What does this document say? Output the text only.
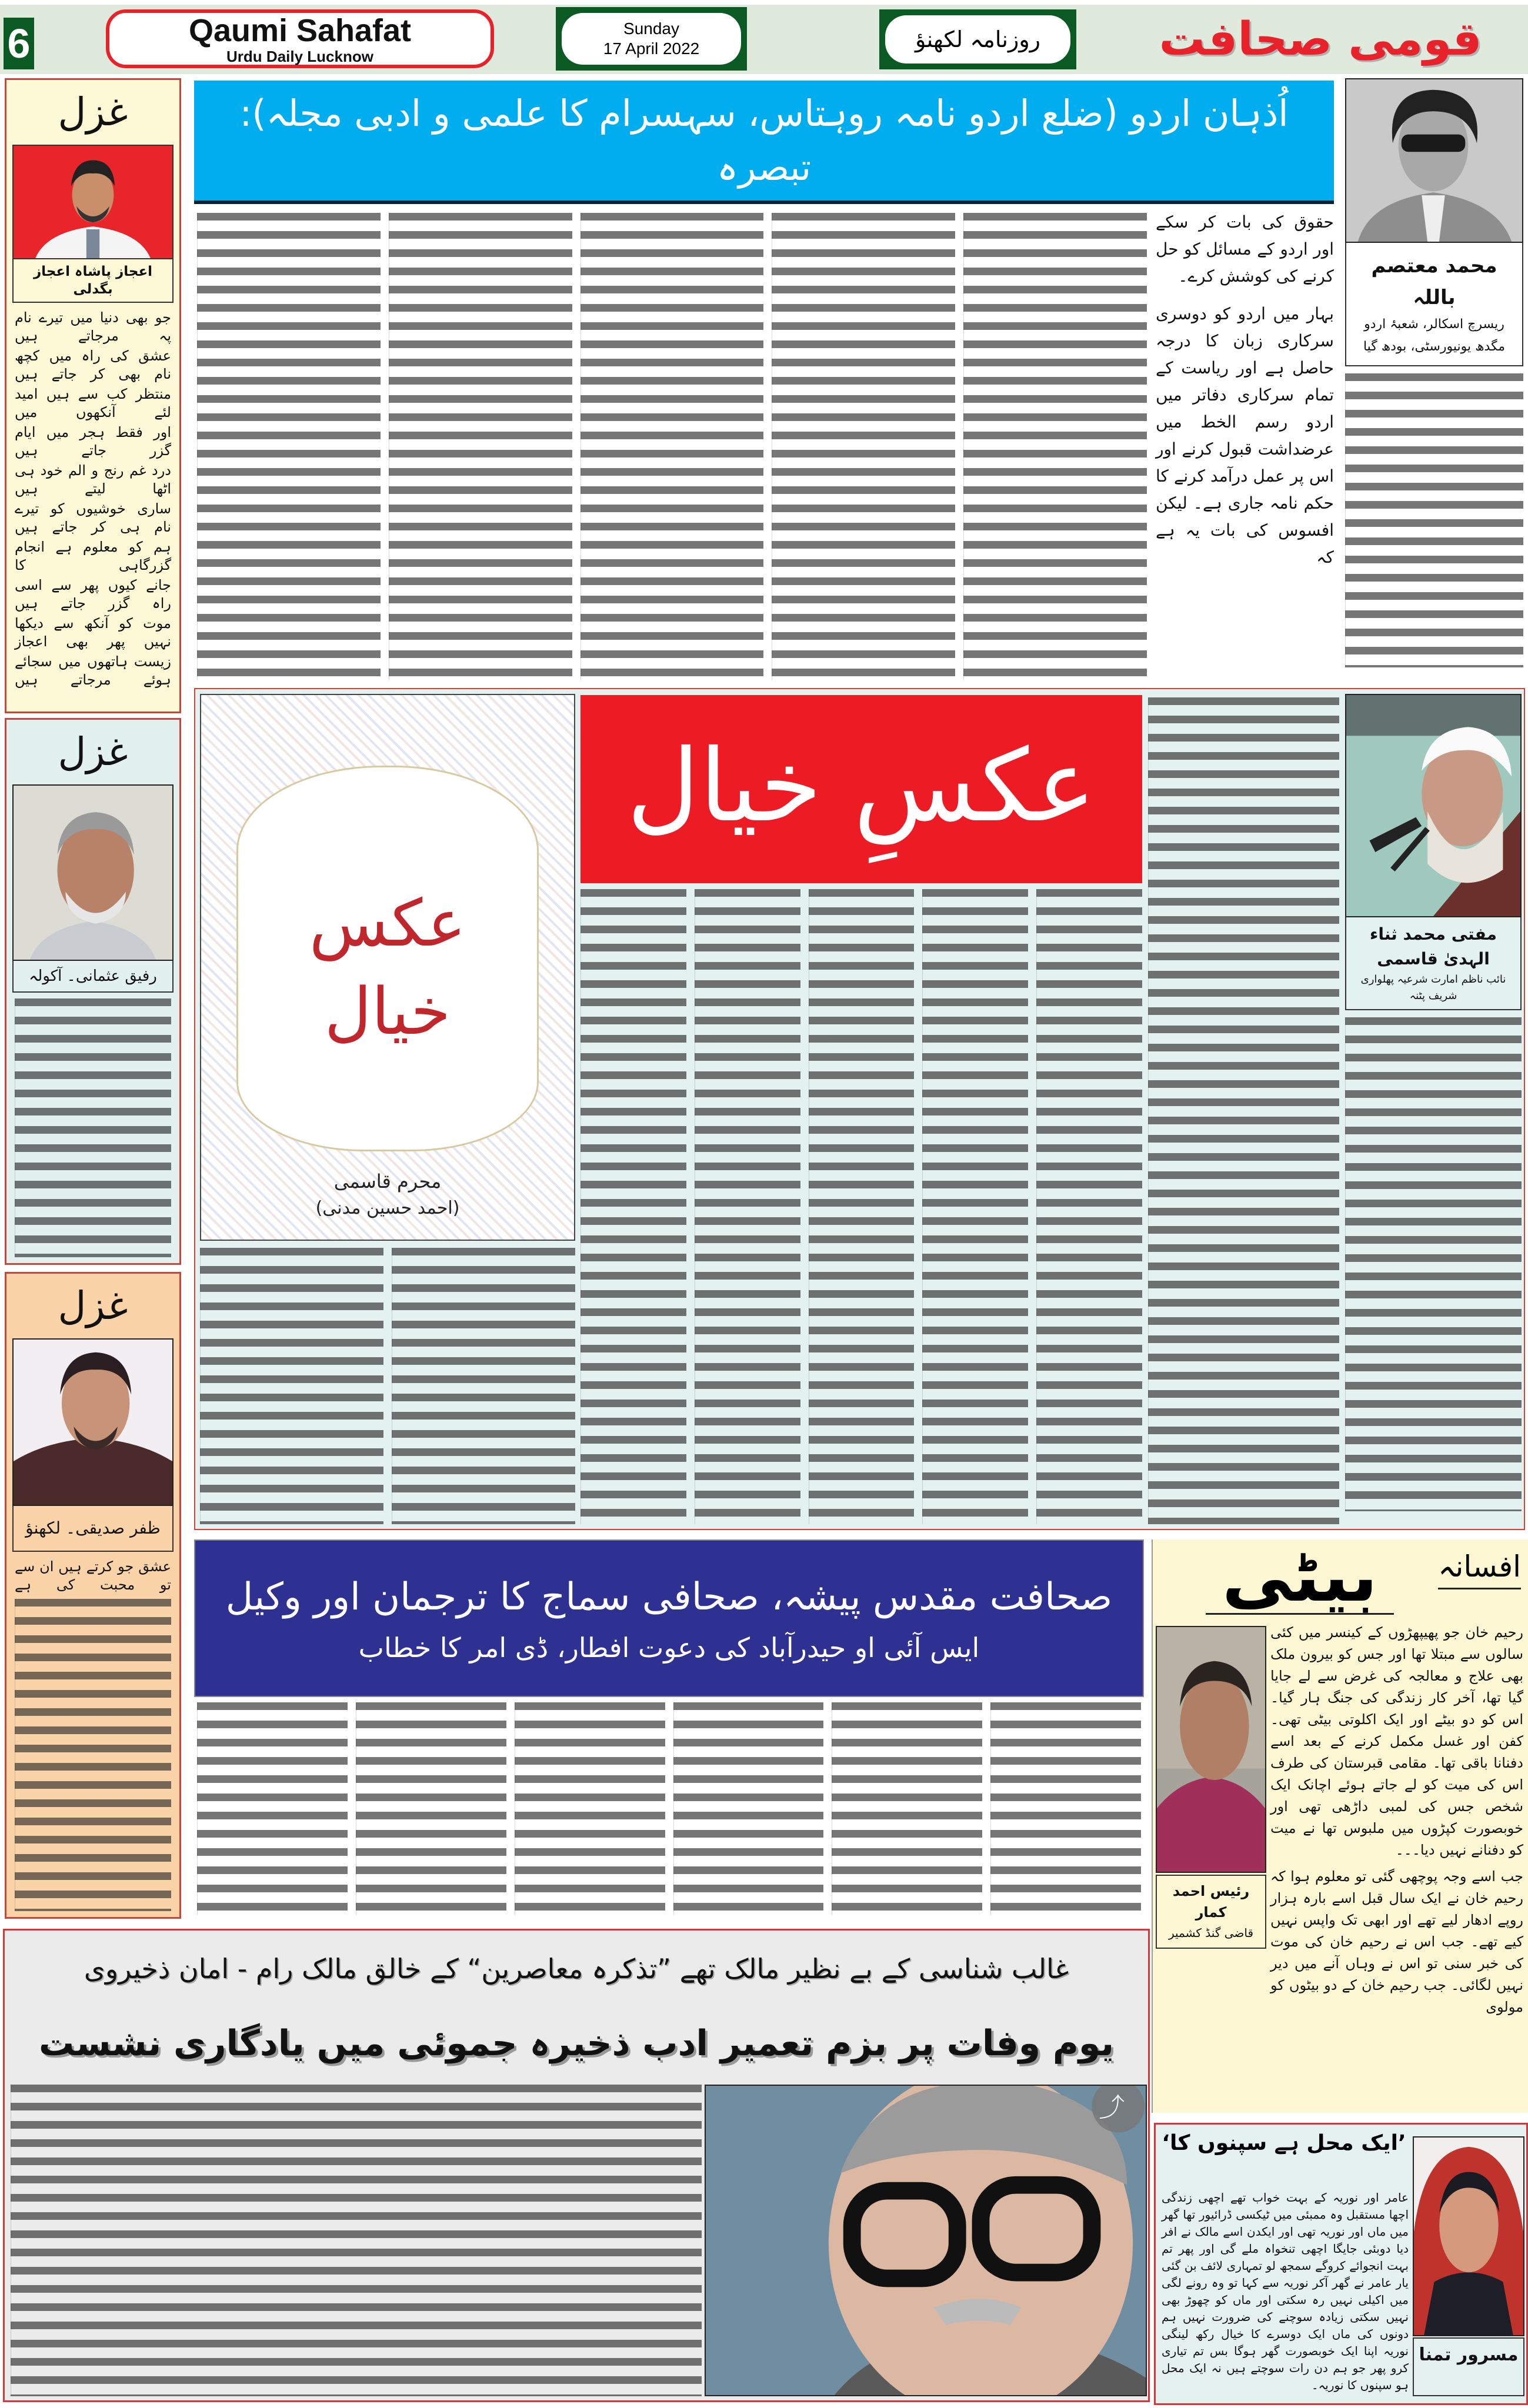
6	Qaumi Sahafat
Urdu Daily Lucknow
Sunday
17 April 2022	روزنامہ لکھنؤ	قومی صحافت
غزل
اعجاز پاشاہ اعجاز بگدلی
جو بھی دنیا میں تیرے نام پہ مرجاتے ہیں
عشق کی راہ میں کچھ نام بھی کر جاتے ہیں
منتظر کب سے ہیں امید لئے آنکھوں میں
اور فقط ہجر میں ایام گزر جاتے ہیں
درد غم رنج و الم خود ہی اٹھا لیتے ہیں
ساری خوشیوں کو تیرے نام ہی کر جاتے ہیں
ہم کو معلوم ہے انجام گزرگاہی کا
جانے کیوں پھر سے اسی راہ گزر جاتے ہیں
موت کو آنکھ سے دیکھا نہیں پھر بھی اعجاز
زیست ہاتھوں میں سجائے ہوئے مرجاتے ہیں
غزل
رفیق عثمانی۔ آکولہ
غزل
ظفر صدیقی۔ لکھنؤ
عشق جو کرتے ہیں ان سے تو محبت کی ہے
اُذہان اردو (ضلع اردو نامہ روہتاس، سہسرام کا علمی و ادبی مجلہ): تبصرہ

حقوق کی بات کر سکے اور اردو کے مسائل کو حل کرنے کی کوشش کرے۔

بہار میں اردو کو دوسری سرکاری زبان کا درجہ حاصل ہے اور ریاست کے تمام سرکاری دفاتر میں اردو رسم الخط میں عرضداشت قبول کرنے اور اس پر عمل درآمد کرنے کا حکم نامہ جاری ہے۔ لیکن افسوس کی بات یہ ہے کہ

محمد معتصم باللہ
ریسرچ اسکالر، شعبۂ اردو
مگدھ یونیورسٹی، بودھ گیا
عکس خیال
محرم قاسمی
(احمد حسین مدنی)
عکسِ خیال
مفتی محمد ثناء الہدیٰ قاسمی
نائب ناظم امارت شرعیہ پھلواری شریف پٹنہ
صحافت مقدس پیشہ، صحافی سماج کا ترجمان اور وکیل
ایس آئی او حیدرآباد کی دعوت افطار، ڈی امر کا خطاب
افسانہ
بیٹی
رئیس احمد کمار
قاضی گنڈ کشمیر

رحیم خان جو پھیپھڑوں کے کینسر میں کئی سالوں سے مبتلا تھا اور جس کو بیرون ملک بھی علاج و معالجہ کی غرض سے لے جایا گیا تھا، آخر کار زندگی کی جنگ ہار گیا۔ اس کو دو بیٹے اور ایک اکلوتی بیٹی تھی۔ کفن اور غسل مکمل کرنے کے بعد اسے دفنانا باقی تھا۔ مقامی قبرستان کی طرف اس کی میت کو لے جاتے ہوئے اچانک ایک شخص جس کی لمبی داڑھی تھی اور خوبصورت کپڑوں میں ملبوس تھا نے میت کو دفنانے نہیں دیا۔۔۔

جب اسے وجہ پوچھی گئی تو معلوم ہوا کہ رحیم خان نے ایک سال قبل اسے بارہ ہزار روپے ادھار لیے تھے اور ابھی تک واپس نہیں کیے تھے۔ جب اس نے رحیم خان کی موت کی خبر سنی تو اس نے وہاں آنے میں دیر نہیں لگائی۔ جب رحیم خان کے دو بیٹوں کو مولوی

غالب شناسی کے بے نظیر مالک تھے ”تذکرہ معاصرین“ کے خالق مالک رام - امان ذخیروی
یوم وفات پر بزم تعمیر ادب ذخیرہ جموئی میں یادگاری نشست
⤴
مسرور تمنا
’ایک محل ہے سپنوں کا‘
عامر اور نوریہ کے بہت خواب تھے اچھی زندگی اچھا مستقبل وہ ممبئی میں ٹیکسی ڈرائیور تھا گھر میں ماں اور نوریہ تھی اور ایکدن اسے مالک نے افر دیا دوبئی جایگا اچھی تنخواہ ملے گی اور پھر تم بہت انجوائے کروگے سمجھ لو تمہاری لائف بن گئی یار عامر نے گھر آکر نوریہ سے کہا تو وہ رونے لگی میں اکیلی نہیں رہ سکتی اور ماں کو چھوڑ بھی نہیں سکتی زیادہ سوچنے کی ضرورت نہیں ہم دونوں کی ماں ایک دوسرے کا خیال رکھ لینگی نوریہ اپنا ایک خوبصورت گھر ہوگا بس تم تیاری کرو پھر جو ہم دن رات سوچتے ہیں نہ ایک محل ہو سپنوں کا نوریہ۔
